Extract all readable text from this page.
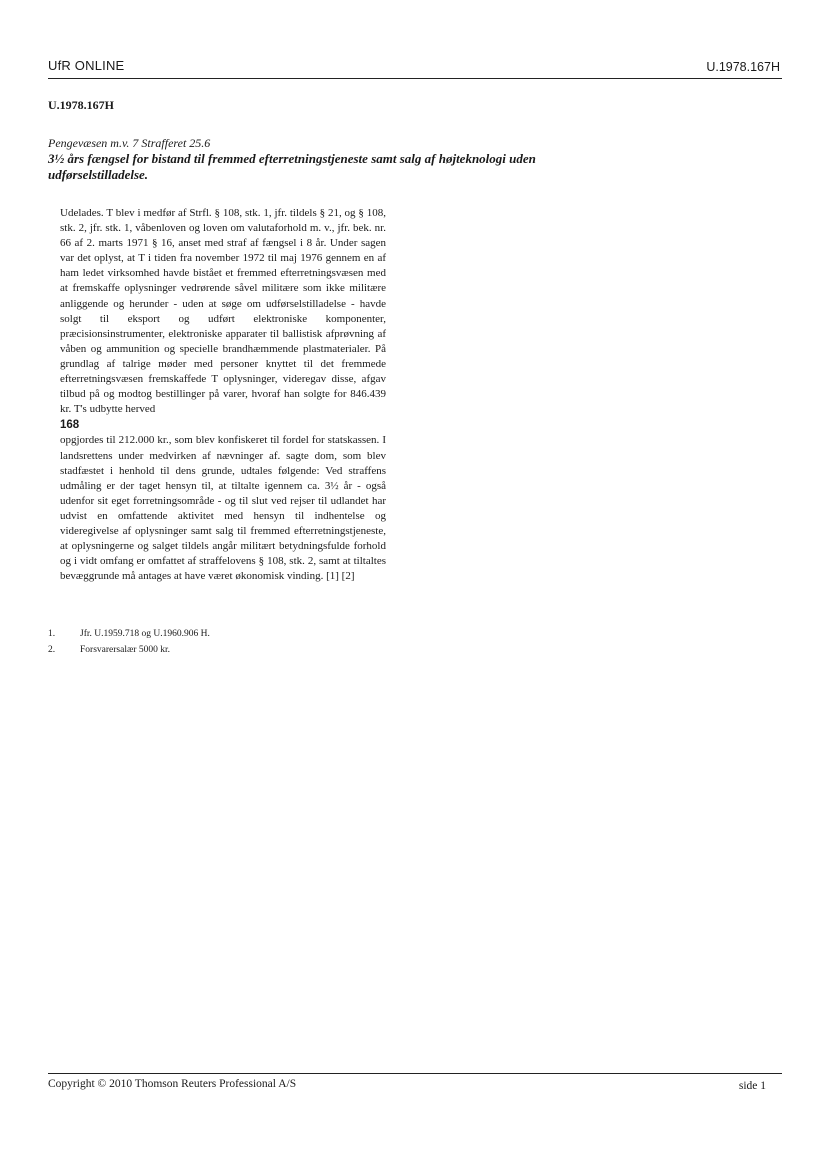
UfR ONLINE	U.1978.167H
U.1978.167H
Pengevæsen m.v. 7 Strafferet 25.6
3½ års fængsel for bistand til fremmed efterretningstjeneste samt salg af højteknologi uden udførselstilladelse.

Udelades. T blev i medfør af Strfl. § 108, stk. 1, jfr. tildels § 21, og § 108, stk. 2, jfr. stk. 1, våbenloven og loven om valutaforhold m. v., jfr. bek. nr. 66 af 2. marts 1971 § 16, anset med straf af fængsel i 8 år. Under sagen var det oplyst, at T i tiden fra november 1972 til maj 1976 gennem en af ham ledet virksomhed havde bistået et fremmed efterretningsvæsen med at fremskaffe oplysninger vedrørende såvel militære som ikke militære anliggende og herunder - uden at søge om udførselstilladelse - havde solgt til eksport og udført elektroniske komponenter, præcisionsinstrumenter, elektroniske apparater til ballistisk afprøvning af våben og ammunition og specielle brandhæmmende plastmaterialer. På grundlag af talrige møder med personer knyttet til det fremmede efterretningsvæsen fremskaffede T oplysninger, videregav disse, afgav tilbud på og modtog bestillinger på varer, hvoraf han solgte for 846.439 kr. T's udbytte herved

168

opgjordes til 212.000 kr., som blev konfiskeret til fordel for statskassen. I landsrettens under medvirken af nævninger af. sagte dom, som blev stadfæstet i henhold til dens grunde, udtales følgende: Ved straffens udmåling er der taget hensyn til, at tiltalte igennem ca. 3½ år - også udenfor sit eget forretningsområde - og til slut ved rejser til udlandet har udvist en omfattende aktivitet med hensyn til indhentelse og videregivelse af oplysninger samt salg til fremmed efterretningstjeneste, at oplysningerne og salget tildels angår militært betydningsfulde forhold og i vidt omfang er omfattet af straffelovens § 108, stk. 2, samt at tiltaltes bevæggrunde må antages at have været økonomisk vinding. [1] [2]

1.	Jfr. U.1959.718 og U.1960.906 H.
2.	Forsvarersalær 5000 kr.
Copyright © 2010 Thomson Reuters Professional A/S	side 1
